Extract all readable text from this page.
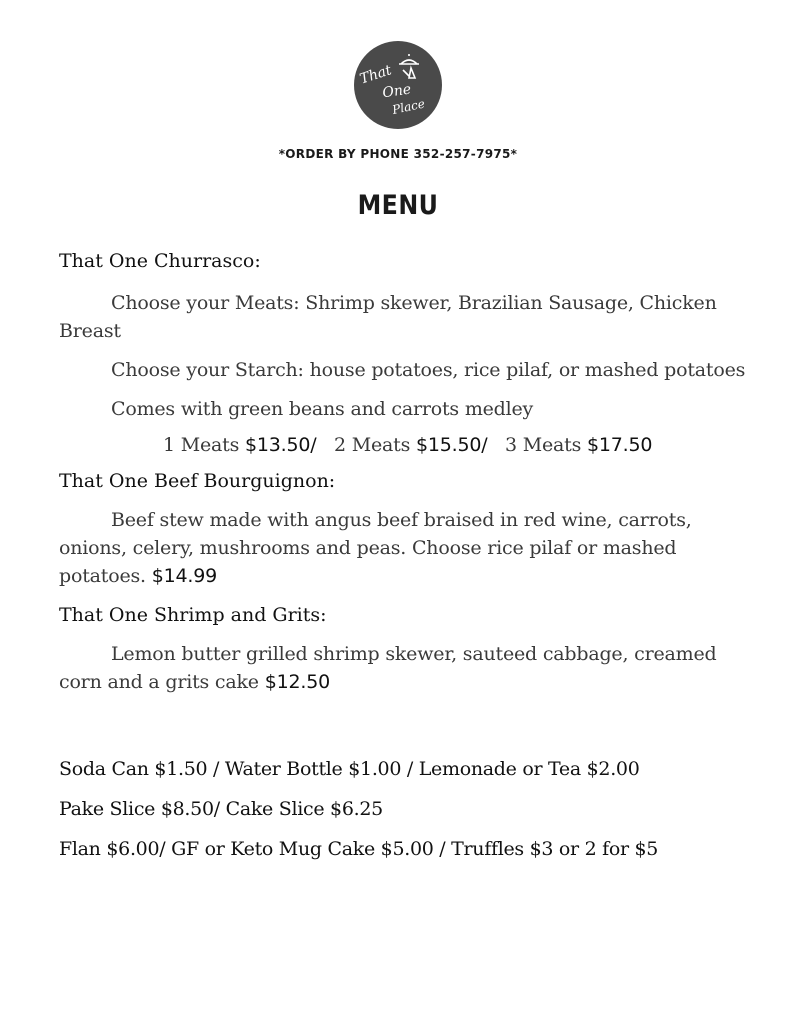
That
One
Place
*ORDER BY PHONE 352-257-7975*
MENU

That One Churrasco:

Choose your Meats: Shrimp skewer, Brazilian Sausage, Chicken Breast

Choose your Starch: house potatoes, rice pilaf, or mashed potatoes

Comes with green beans and carrots medley

1 Meats $13.50/ 2 Meats $15.50/ 3 Meats $17.50

That One Beef Bourguignon:

Beef stew made with angus beef braised in red wine, carrots, onions, celery, mushrooms and peas. Choose rice pilaf or mashed potatoes. $14.99

That One Shrimp and Grits:

Lemon butter grilled shrimp skewer, sauteed cabbage, creamed corn and a grits cake $12.50

Soda Can $1.50 / Water Bottle $1.00 / Lemonade or Tea $2.00

Pake Slice $8.50/ Cake Slice $6.25

Flan $6.00/ GF or Keto Mug Cake $5.00 / Truffles $3 or 2 for $5
